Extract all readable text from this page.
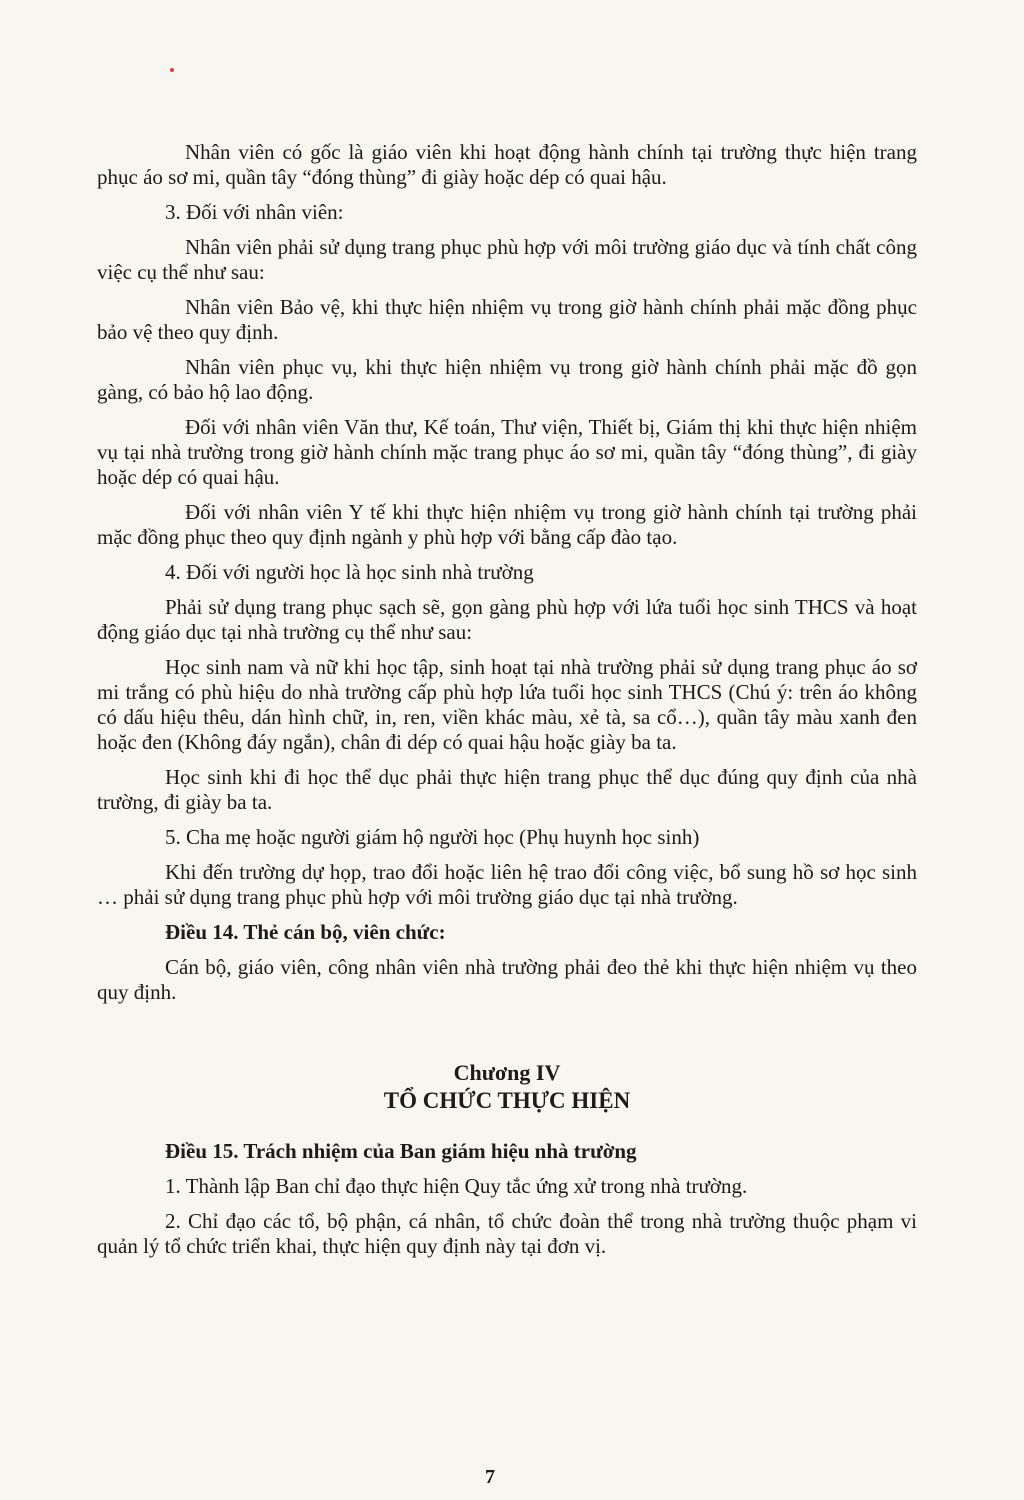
Nhân viên có gốc là giáo viên khi hoạt động hành chính tại trường thực hiện trang phục áo sơ mi, quần tây “đóng thùng” đi giày hoặc dép có quai hậu.

3. Đối với nhân viên:

Nhân viên phải sử dụng trang phục phù hợp với môi trường giáo dục và tính chất công việc cụ thể như sau:

Nhân viên Bảo vệ, khi thực hiện nhiệm vụ trong giờ hành chính phải mặc đồng phục bảo vệ theo quy định.

Nhân viên phục vụ, khi thực hiện nhiệm vụ trong giờ hành chính phải mặc đồ gọn gàng, có bảo hộ lao động.

Đối với nhân viên Văn thư, Kế toán, Thư viện, Thiết bị, Giám thị khi thực hiện nhiệm vụ tại nhà trường trong giờ hành chính mặc trang phục áo sơ mi, quần tây “đóng thùng”, đi giày hoặc dép có quai hậu.

Đối với nhân viên Y tế khi thực hiện nhiệm vụ trong giờ hành chính tại trường phải mặc đồng phục theo quy định ngành y phù hợp với bằng cấp đào tạo.

4. Đối với người học là học sinh nhà trường

Phải sử dụng trang phục sạch sẽ, gọn gàng phù hợp với lứa tuổi học sinh THCS và hoạt động giáo dục tại nhà trường cụ thể như sau:

Học sinh nam và nữ khi học tập, sinh hoạt tại nhà trường phải sử dụng trang phục áo sơ mi trắng có phù hiệu do nhà trường cấp phù hợp lứa tuổi học sinh THCS (Chú ý: trên áo không có dấu hiệu thêu, dán hình chữ, in, ren, viền khác màu, xẻ tà, sa cổ…), quần tây màu xanh đen hoặc đen (Không đáy ngắn), chân đi dép có quai hậu hoặc giày ba ta.

Học sinh khi đi học thể dục phải thực hiện trang phục thể dục đúng quy định của nhà trường, đi giày ba ta.

5. Cha mẹ hoặc người giám hộ người học (Phụ huynh học sinh)

Khi đến trường dự họp, trao đổi hoặc liên hệ trao đổi công việc, bổ sung hồ sơ học sinh … phải sử dụng trang phục phù hợp với môi trường giáo dục tại nhà trường.

Điều 14. Thẻ cán bộ, viên chức:

Cán bộ, giáo viên, công nhân viên nhà trường phải đeo thẻ khi thực hiện nhiệm vụ theo quy định.

Chương IV
TỔ CHỨC THỰC HIỆN

Điều 15. Trách nhiệm của Ban giám hiệu nhà trường

1. Thành lập Ban chỉ đạo thực hiện Quy tắc ứng xử trong nhà trường.

2. Chỉ đạo các tổ, bộ phận, cá nhân, tổ chức đoàn thể trong nhà trường thuộc phạm vi quản lý tổ chức triển khai, thực hiện quy định này tại đơn vị.

7
